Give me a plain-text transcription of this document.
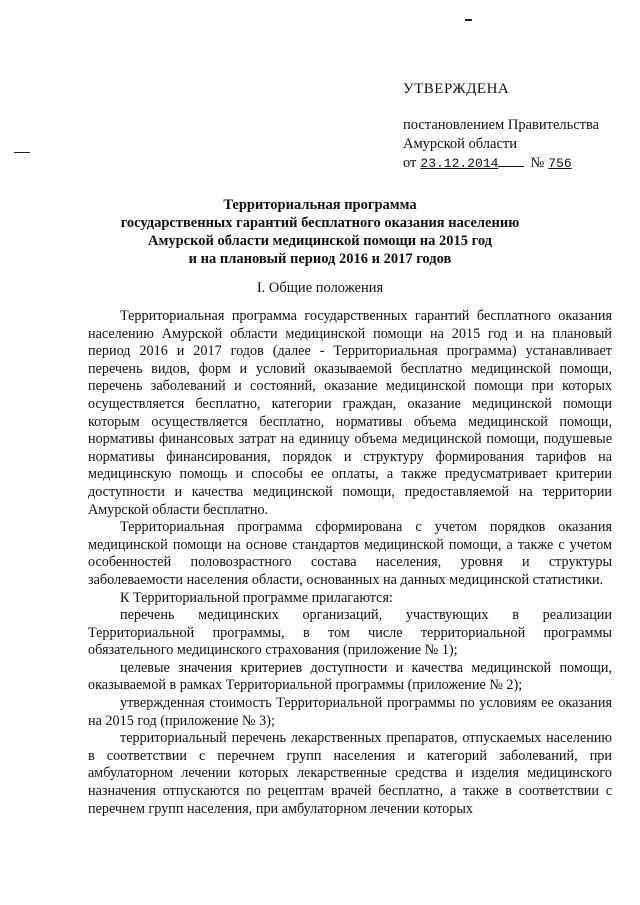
УТВЕРЖДЕНА
постановлением Правительства
Амурской области
от 23.12.2014 № 756
Территориальная программа
государственных гарантий бесплатного оказания населению
Амурской области медицинской помощи на 2015 год
и на плановый период 2016 и 2017 годов
I. Общие положения

Территориальная программа государственных гарантий бесплатного оказания населению Амурской области медицинской помощи на 2015 год и на плановый период 2016 и 2017 годов (далее - Территориальная программа) устанавливает перечень видов, форм и условий оказываемой бесплатно медицинской помощи, перечень заболеваний и состояний, оказание медицинской помощи при которых осуществляется бесплатно, категории граждан, оказание медицинской помощи которым осуществляется бесплатно, нормативы объема медицинской помощи, нормативы финансовых затрат на единицу объема медицинской помощи, подушевые нормативы финансирования, порядок и структуру формирования тарифов на медицинскую помощь и способы ее оплаты, а также предусматривает критерии доступности и качества медицинской помощи, предоставляемой на территории Амурской области бесплатно.

Территориальная программа сформирована с учетом порядков оказания медицинской помощи на основе стандартов медицинской помощи, а также с учетом особенностей половозрастного состава населения, уровня и структуры заболеваемости населения области, основанных на данных медицинской статистики.

К Территориальной программе прилагаются:

перечень медицинских организаций, участвующих в реализации Территориальной программы, в том числе территориальной программы обязательного медицинского страхования (приложение № 1);

целевые значения критериев доступности и качества медицинской помощи, оказываемой в рамках Территориальной программы (приложение № 2);

утвержденная стоимость Территориальной программы по условиям ее оказания на 2015 год (приложение № 3);

территориальный перечень лекарственных препаратов, отпускаемых населению в соответствии с перечнем групп населения и категорий заболеваний, при амбулаторном лечении которых лекарственные средства и изделия медицинского назначения отпускаются по рецептам врачей бесплатно, а также в соответствии с перечнем групп населения, при амбулаторном лечении которых
